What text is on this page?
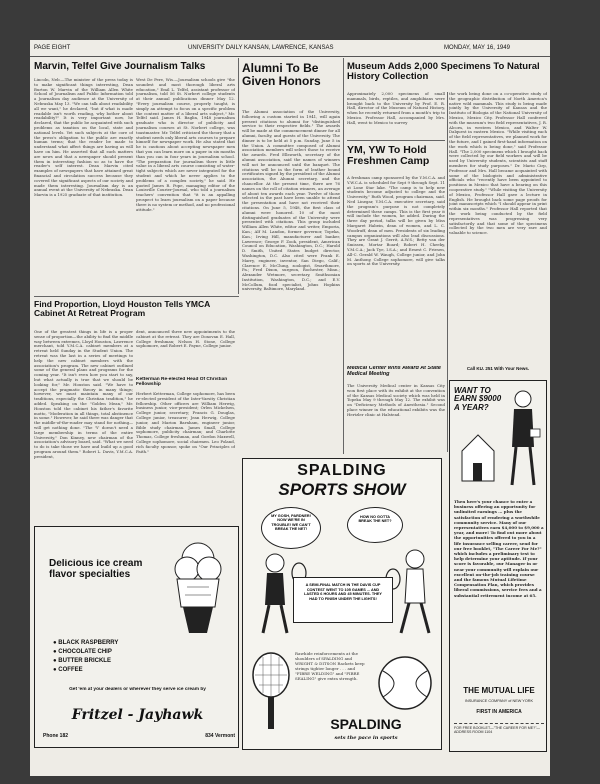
PAGE EIGHT	UNIVERSITY DAILY KANSAN, LAWRENCE, KANSAS	MONDAY, MAY 16, 1949
Marvin, Telfel Give Journalism Talks
Lincoln, Neb.—The minister of the press today is to make significant things interesting, Dean Burton W. Marvin of the William Allen White School of Journalism and Public Information told a Journalism day audience at the University of Nebraska May 13. "We can talk about readability all we want," he declared, "but if what is made readable isn't worth reading, why bother about readability?" It is very important now, he declared, that the public be acquainted with such problems as taxation on the local, state and national levels. Yet such subjects at the core of the press's obligation to the public are exactly human terms; that the reader be made to understand what affect things are having as will have on him. He asserted that all such matters are news and that a newspaper should present them in interesting fashion so as to have the reader's self interest. Dean Marvin cited examples of newspapers that have attained great financial and circulation success because they covered the significant aspects of our society and made them interesting. Journalism day is an annual event at the University of Nebraska. Dean Marvin is a 1925 graduate of that institution.
West De Pere, Wis.—Journalism schools give "the soundest and most thorough liberal arts education," Emil L. Telfel, assistant professor of journalism, told 56 St. Norbert college students at their annual publications dinner May 12. "Every journalism course, properly taught, is simply an attempt to focus on a specific problem the content matter of a liberal arts subject," Mr. Telfel said. James H. Baglin, 1948 journalism graduate who is director of publicity and journalism courses at St. Norbert college, was toastmaster. Mr. Telfel criticized the theory that a student needs only liberal arts courses to prepare himself for newspaper work. He also stated that he is cautious about accepting newspaper men that you can learn more on a paper in six months than you can in four years in journalism school. "The preparation for journalism there is little value in a liberal arts course consisting of water-tight subjects which are never integrated for the student and which he never applies to the problems of a complex society," he said. He quoted James R. Pope, managing editor of the Louisville Courier-Journal, who told a journalism teachers' convention that "it is an appalling prospect to learn journalism on a paper because there is no system or method, and no professional attitude."
Alumni To Be Given Honors
The Alumni association of the University, following a custom started in 1941, will again present citations to alumni for "distinguished service to their respective fields." The awards will be made at the commencement dinner for all alumni, faculty, and guests of the University. The dinner is to be held at 5 p.m. Sunday, June 5 in the Union. A committee composed of Alumni association members will select those to receive the awards. Fred Ellsworth, secretary of the alumni association, said the names of winners will not be announced until the banquet. The citations will be in the form of leather bound certificates signed by the president of the Alumni association, the Alumni secretary, and the chancellor. At the present time, there are 76 names on the roll of citation winners, an average of about ten awards each year. Twelve of those selected in the past have been unable to attend the presentation and have not received their citations. On June 5, 1948, the first class of alumni were honored. 10 of the most distinguished graduates of the University were presented with citations. This group included William Allen White, editor and writer, Emporia, Kan.; Alf M. Landon, former governor, Topeka, Kan.; Irving Hill, manufacturer and banker, Lawrence; George F. Zook, president, American Council on Education, Washington, D.C.; Harold D. Smith, United States budget director, Washington, D.C. Also cited were Frank E. Marry, engineer, inventor, San Diego, Calif.; Clarence E. McClung, zoologist, Swarthmore, Pa.; Fred Dixon, surgeon, Rochester, Minn.; Alexander Wetmore, secretary, Smithsonian Institution, Washington, D.C.; and E.V. McCollum, food specialist, Johns Hopkins university, Baltimore, Maryland.
Museum Adds 2,000 Specimens To Natural History Collection
Approximately 2,000 specimens of small mammals, birds, reptiles, and amphibians were brought back to the University by Prof. E. R. Hall, director of the Museum of Natural History, when he recently returned from a month's trip to Mexico. Professor Hall, accompanied by Mrs. Hall, went to Mexico to survey
the work being done on a co-operative study of the geographic distribution of North America's native wild mammals. This study is being made jointly by the University of Kansas and the Instituto of Biologia of the National University of Mexico, Mexico City. Professor Hall conferred with the museum's two field representatives, J. R. Alcorn, in western Mexico, and Walter W. Dalquest in eastern Mexico. "While visiting each of the field representatives, we planned work for the future, and I gained first-hand information on the work which is being done," said Professor Hall. "The 2,000 specimens which I brought back were collected by our field workers and will be used by University students, scientists and staff members for study purposes." Dr. Mario Cirp, Professor and Mrs. Hall became acquainted with some of the biologists and administrative officials who "recently have been appointed to positions in Mexico that have a bearing on this cooperative study." "While visiting the University of Mexico, Professor Hall gave a lecture in English. He brought back some page proofs for joint manuscripts which "I should appear in print within six months." Professor Hall reported that the work being conducted by the field representatives was progressing very satisfactorily and that some of the specimens collected by the two men are very rare and valuable to science.
YM, YW To Hold Freshmen Camp
A freshman camp sponsored by the Y.M.C.A. and Y.W.C.A. is scheduled for Sept 9 through Sept. 11 at Lone Star lake. "The camp is to help new students become adjusted to college and the University," Ruth Wood, program chairman, said. Ned Linegar, Y.M.C.A. executive secretary, said the program's purpose is not completely determined these camps. This is the first year it will include the women, he added. During the three day period, talks will be given by Miss Margaret Habein, dean of women, and L. C. Woodruff, dean of men. Presidents of six leading campus organizations will also lead discussions. They are Grant J. Gerrit, A.W.S.; Betty van der Smissen, Mortar Board; Robert H. Cheeky, Y.M.C.A.; Jack Tye, I.S.A.; and Ernest C. Friesen, All-C. Gerald W. Waugh, College junior, and John M. Anthony, College sophomore, will give talks on sports at the University.
Medical Center Wins Award At State Medical Meeting
The University Medical center in Kansas City won first place with its exhibit at the convention of the Kansas Medical society which was held in Topeka May 9 through May 12. The exhibit was on "Deficiency Methods of Anesthesia." Second place winner in the educational exhibits was the Hertzler clinic at Halstead.
Call KU. 251 With Your News.
Find Proportion, Lloyd Houston Tells YMCA Cabinet At Retreat Program
One of the greatest things in life is a proper sense of proportion—the ability to find the middle way between extremes, Lloyd Houston, Lawrence merchant, told Y.M.C.A. cabinet members at a retreat held Sunday in the Student Union. The retreat was the last in a series of meetings to help the new cabinet members with the association's program. The new cabinet outlined some of the general plans and programs for the coming year. "It isn't even how you start to say, but what actually is true that we should be looking for," Mr. Houston said. "We have to accept the pragmatic theory in many things; however, we must maintain many of our traditions, especially the Christian tradition," he added. Speaking on the "Golden Mean," Mr. Houston told the cabinet his father's favorite motto, "Moderation in all things, total abstinence in some." However, he said there was danger that the middle-of-the-roader may stand for nothing—will get nothing done. "The 'Y' doesn't need a large membership in terms of the entire University," Don Kinney, new chairman of the association's advisory board, said. "What we need to do is take those we have and build up a good program around them." Robert L. Davis, Y.M.C.A. president,
dent, announced three new appointments to the cabinet at the retreat. They are Donovan E. Hall, College freshman; Nelson H. Stone, College sophomore, and Robert E. Payne, College junior.
Ketterman Re-elected Head Of Christian Fellowship
Herbert Ketterman, College sophomore, has been re-elected president of the Inter-Varsity Christian fellowship. Other officers are William Herwig, business junior, vice-president; Orlen Mickelsen, College junior, secretary; Francis G. Douglas, College junior, treasurer; Jean Herwig, College junior, and Marion Barnham, engineer junior, Bible study chairman. James Small, College sophomore, publicity chairman; and Charlotte Thomas, College freshman, and Gordon Maxwell, College sophomore, social chairmen. Leo Poland, rich faculty sponsor, spoke on "Our Principles of Faith."
Delicious ice cream flavor specialties
● BLACK RASPBERRY
● CHOCOLATE CHIP
● BUTTER BRICKLE
● COFFEE
Get 'em at your dealers or wherever they serve ice cream by
Fritzel - Jayhawk
Phone 182	834 Vermont
SPALDING
SPORTS SHOW
MY GOSH, PARDNER! NOW WE'RE IN TROUBLE! WE CAN'T BREAK THE NET!
HOW NO GOTTA BREAK THE NET?
A SEMI-FINAL MATCH IN THE DAVIS CUP CONTEST WENT TO 105 GAMES ... AND LASTED 6 HOURS AND 45 MINUTES. THEY HAD TO FINISH UNDER THE LIGHTS!
Rawhide reinforcements at the shoulders of SPALDING and WRIGHT & DITSON Rackets keep strings tighter longer . . . and "FIBRE WELDING" and "FIBRE SEALING" give extra strength.
SPALDING
sets the pace in sports
WANT TO EARN $9000 A YEAR?
Then here's your chance to enter a business offering an opportunity for unlimited earnings ... plus the satisfaction of rendering a worthwhile community service. Many of our representatives earn $4,000 to $9,000 a year, and more! To find out more about the opportunities offered to you in a life insurance selling career, send for our free booklet, "The Career For Me?" which includes a preliminary test to help determine your aptitude. If your score is favorable, our Manager in or near your community will explain our excellent on-the-job training course and the famous Mutual Lifetime Compensation Plan, which provides liberal commissions, service fees and a substantial retirement income at 65.
THE MUTUAL LIFE
INSURANCE COMPANY of NEW YORK
FIRST IN AMERICA
FOR FREE BOOKLET—"THE CAREER FOR ME?"—ADDRESS ROOM 1104
